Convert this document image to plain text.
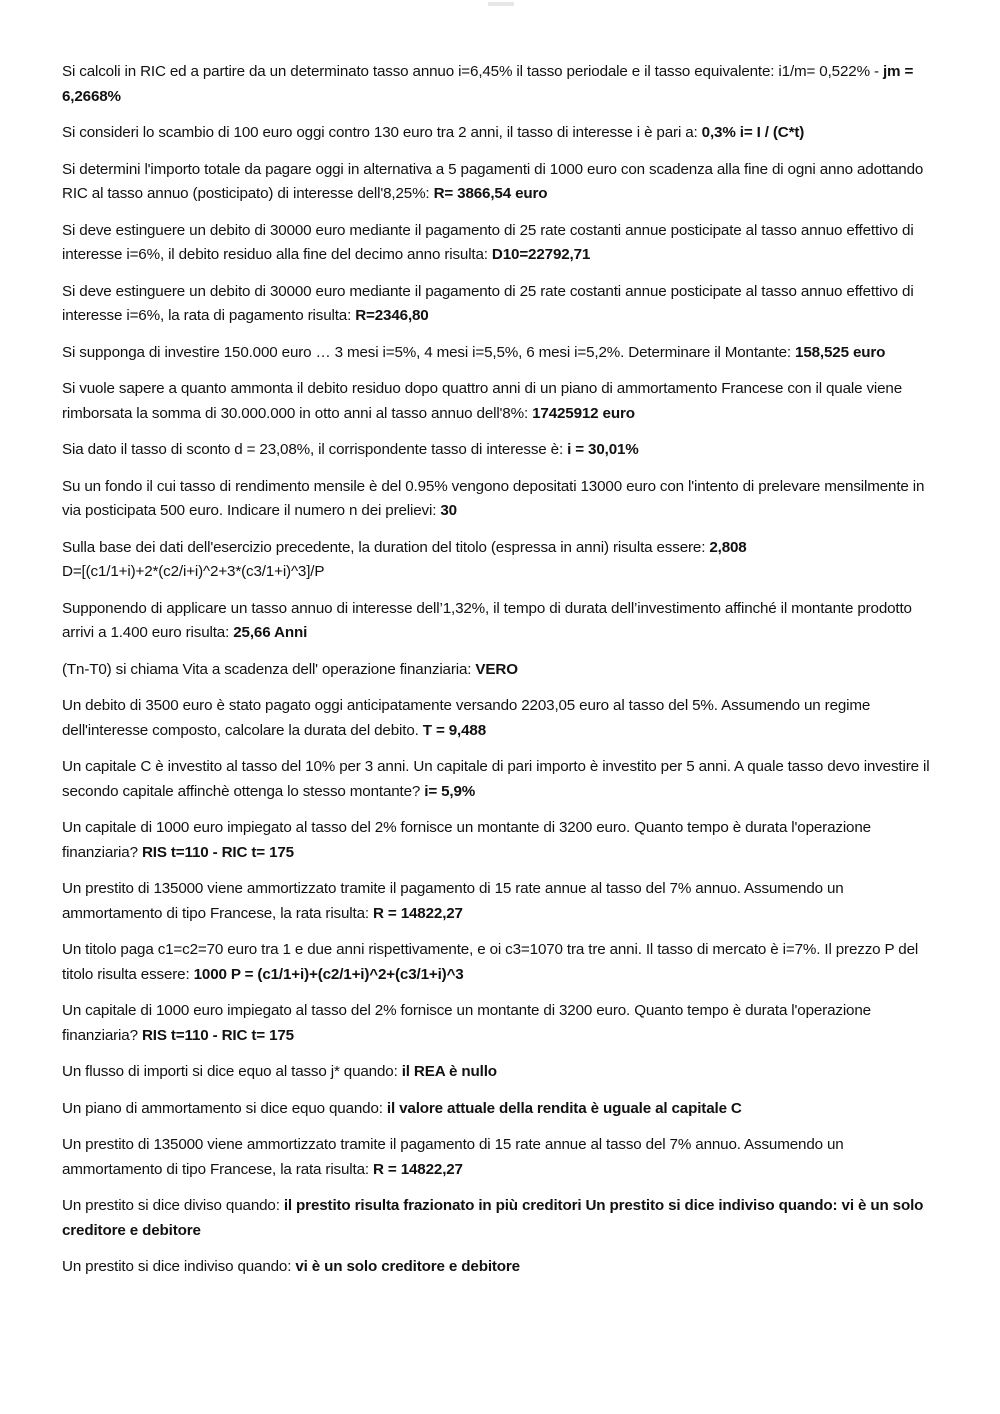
Si calcoli in RIC ed a partire da un determinato tasso annuo i=6,45% il tasso periodale e il tasso equivalente: i1/m= 0,522% - jm = 6,2668%

Si consideri lo scambio di 100 euro oggi contro 130 euro tra 2 anni, il tasso di interesse i è pari a: 0,3% i= I / (C*t)

Si determini l'importo totale da pagare oggi in alternativa a 5 pagamenti di 1000 euro con scadenza alla fine di ogni anno adottando RIC al tasso annuo (posticipato) di interesse dell'8,25%: R= 3866,54 euro

Si deve estinguere un debito di 30000 euro mediante il pagamento di 25 rate costanti annue posticipate al tasso annuo effettivo di interesse i=6%, il debito residuo alla fine del decimo anno risulta: D10=22792,71

Si deve estinguere un debito di 30000 euro mediante il pagamento di 25 rate costanti annue posticipate al tasso annuo effettivo di interesse i=6%, la rata di pagamento risulta: R=2346,80

Si supponga di investire 150.000 euro … 3 mesi i=5%, 4 mesi i=5,5%, 6 mesi i=5,2%. Determinare il Montante: 158,525 euro

Si vuole sapere a quanto ammonta il debito residuo dopo quattro anni di un piano di ammortamento Francese con il quale viene rimborsata la somma di 30.000.000 in otto anni al tasso annuo dell'8%: 17425912 euro

Sia dato il tasso di sconto d = 23,08%, il corrispondente tasso di interesse è: i = 30,01%

Su un fondo il cui tasso di rendimento mensile è del 0.95% vengono depositati 13000 euro con l'intento di prelevare mensilmente in via posticipata 500 euro. Indicare il numero n dei prelievi: 30

Sulla base dei dati dell'esercizio precedente, la duration del titolo (espressa in anni) risulta essere: 2,808
D=[(c1/1+i)+2*(c2/i+i)^2+3*(c3/1+i)^3]/P

Supponendo di applicare un tasso annuo di interesse dell’1,32%, il tempo di durata dell’investimento affinché il montante prodotto arrivi a 1.400 euro risulta: 25,66 Anni

(Tn-T0) si chiama Vita a scadenza dell' operazione finanziaria: VERO

Un debito di 3500 euro è stato pagato oggi anticipatamente versando 2203,05 euro al tasso del 5%. Assumendo un regime dell'interesse composto, calcolare la durata del debito. T = 9,488

Un capitale C è investito al tasso del 10% per 3 anni. Un capitale di pari importo è investito per 5 anni. A quale tasso devo investire il secondo capitale affinchè ottenga lo stesso montante? i= 5,9%

Un capitale di 1000 euro impiegato al tasso del 2% fornisce un montante di 3200 euro. Quanto tempo è durata l'operazione finanziaria? RIS t=110 - RIC t= 175

Un prestito di 135000 viene ammortizzato tramite il pagamento di 15 rate annue al tasso del 7% annuo. Assumendo un ammortamento di tipo Francese, la rata risulta: R = 14822,27

Un titolo paga c1=c2=70 euro tra 1 e due anni rispettivamente, e oi c3=1070 tra tre anni. Il tasso di mercato è i=7%. Il prezzo P del titolo risulta essere: 1000 P = (c1/1+i)+(c2/1+i)^2+(c3/1+i)^3

Un capitale di 1000 euro impiegato al tasso del 2% fornisce un montante di 3200 euro. Quanto tempo è durata l'operazione finanziaria? RIS t=110 - RIC t= 175

Un flusso di importi si dice equo al tasso j* quando: il REA è nullo

Un piano di ammortamento si dice equo quando: il valore attuale della rendita è uguale al capitale C

Un prestito di 135000 viene ammortizzato tramite il pagamento di 15 rate annue al tasso del 7% annuo. Assumendo un ammortamento di tipo Francese, la rata risulta: R = 14822,27

Un prestito si dice diviso quando: il prestito risulta frazionato in più creditori Un prestito si dice indiviso quando: vi è un solo creditore e debitore

Un prestito si dice indiviso quando: vi è un solo creditore e debitore
